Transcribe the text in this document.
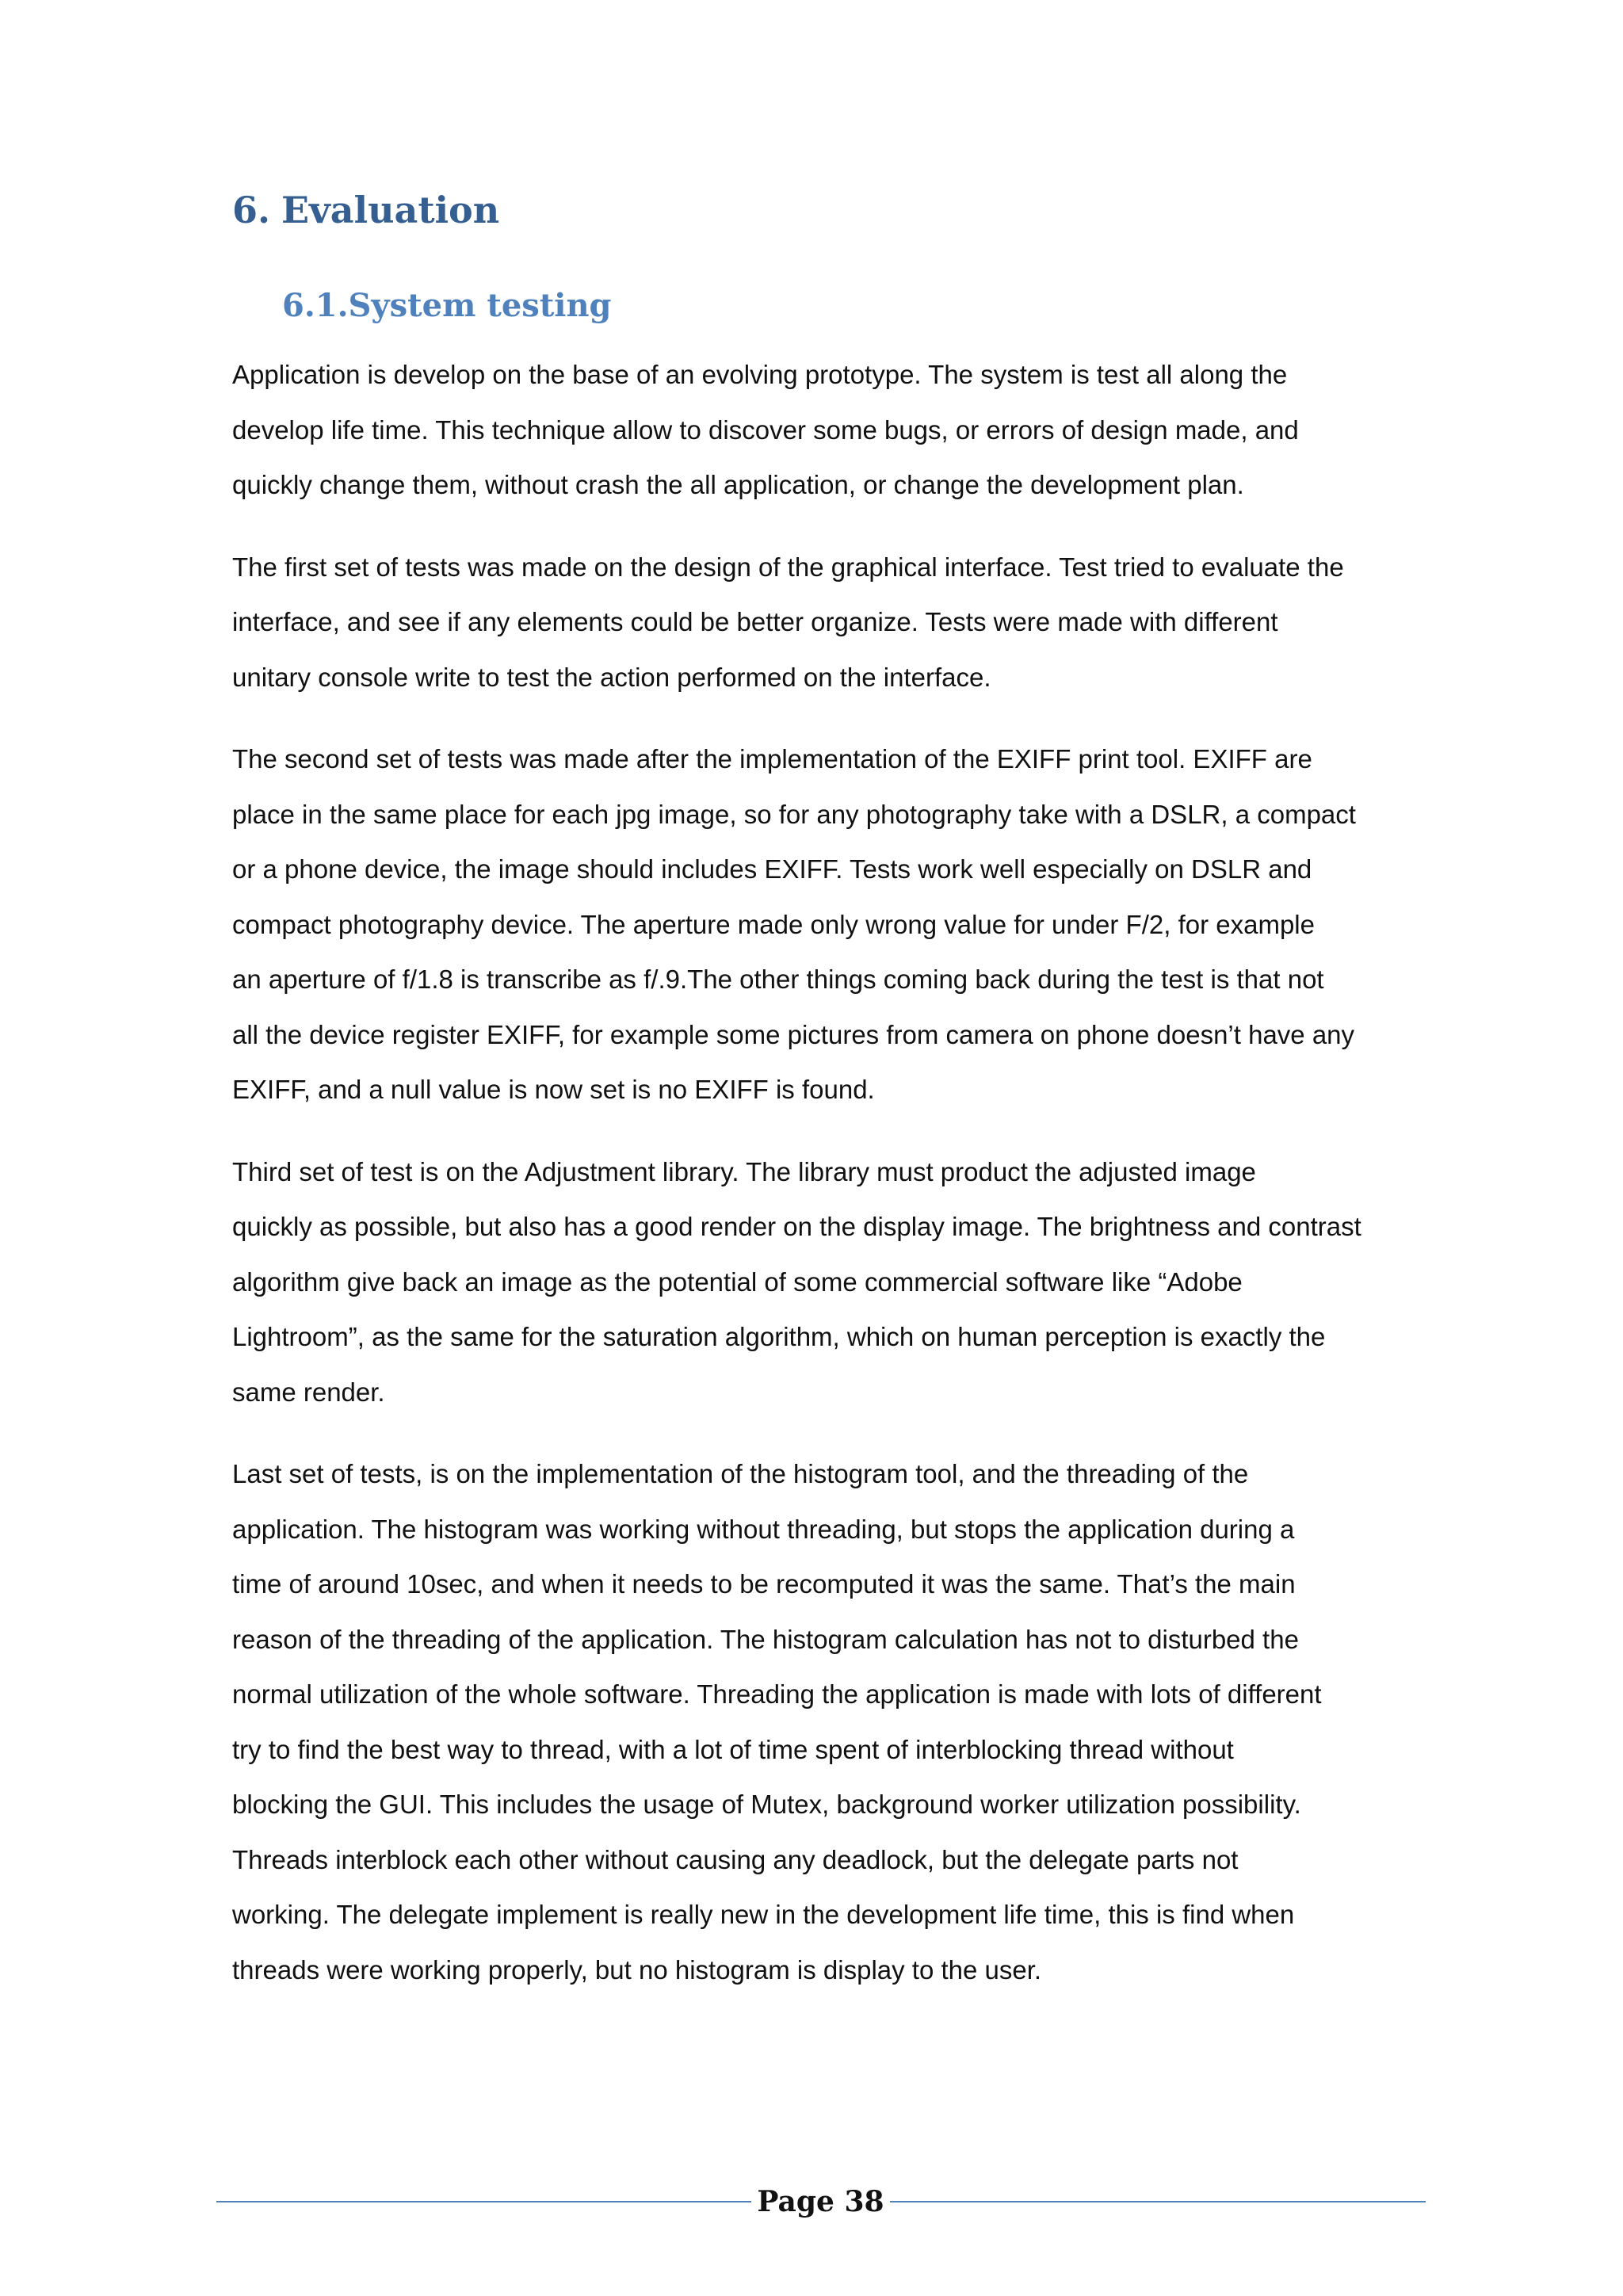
6. Evaluation
6.1.System testing

Application is develop on the base of an evolving prototype. The system is test all along the
develop life time. This technique allow to discover some bugs, or errors of design made, and
quickly change them, without crash the all application, or change the development plan.

The first set of tests was made on the design of the graphical interface. Test tried to evaluate the
interface, and see if any elements could be better organize. Tests were made with different
unitary console write to test the action performed on the interface.

The second set of tests was made after the implementation of the EXIFF print tool. EXIFF are
place in the same place for each jpg image, so for any photography take with a DSLR, a compact
or a phone device, the image should includes EXIFF. Tests work well especially on DSLR and
compact photography device. The aperture made only wrong value for under F/2, for example
an aperture of f/1.8 is transcribe as f/.9.The other things coming back during the test is that not
all the device register EXIFF, for example some pictures from camera on phone doesn’t have any
EXIFF, and a null value is now set is no EXIFF is found.

Third set of test is on the Adjustment library. The library must product the adjusted image
quickly as possible, but also has a good render on the display image. The brightness and contrast
algorithm give back an image as the potential of some commercial software like “Adobe
Lightroom”, as the same for the saturation algorithm, which on human perception is exactly the
same render.

Last set of tests, is on the implementation of the histogram tool, and the threading of the
application. The histogram was working without threading, but stops the application during a
time of around 10sec, and when it needs to be recomputed it was the same. That’s the main
reason of the threading of the application. The histogram calculation has not to disturbed the
normal utilization of the whole software. Threading the application is made with lots of different
try to find the best way to thread, with a lot of time spent of interblocking thread without
blocking the GUI. This includes the usage of Mutex, background worker utilization possibility.
Threads interblock each other without causing any deadlock, but the delegate parts not
working. The delegate implement is really new in the development life time, this is find when
threads were working properly, but no histogram is display to the user.

Page 38
